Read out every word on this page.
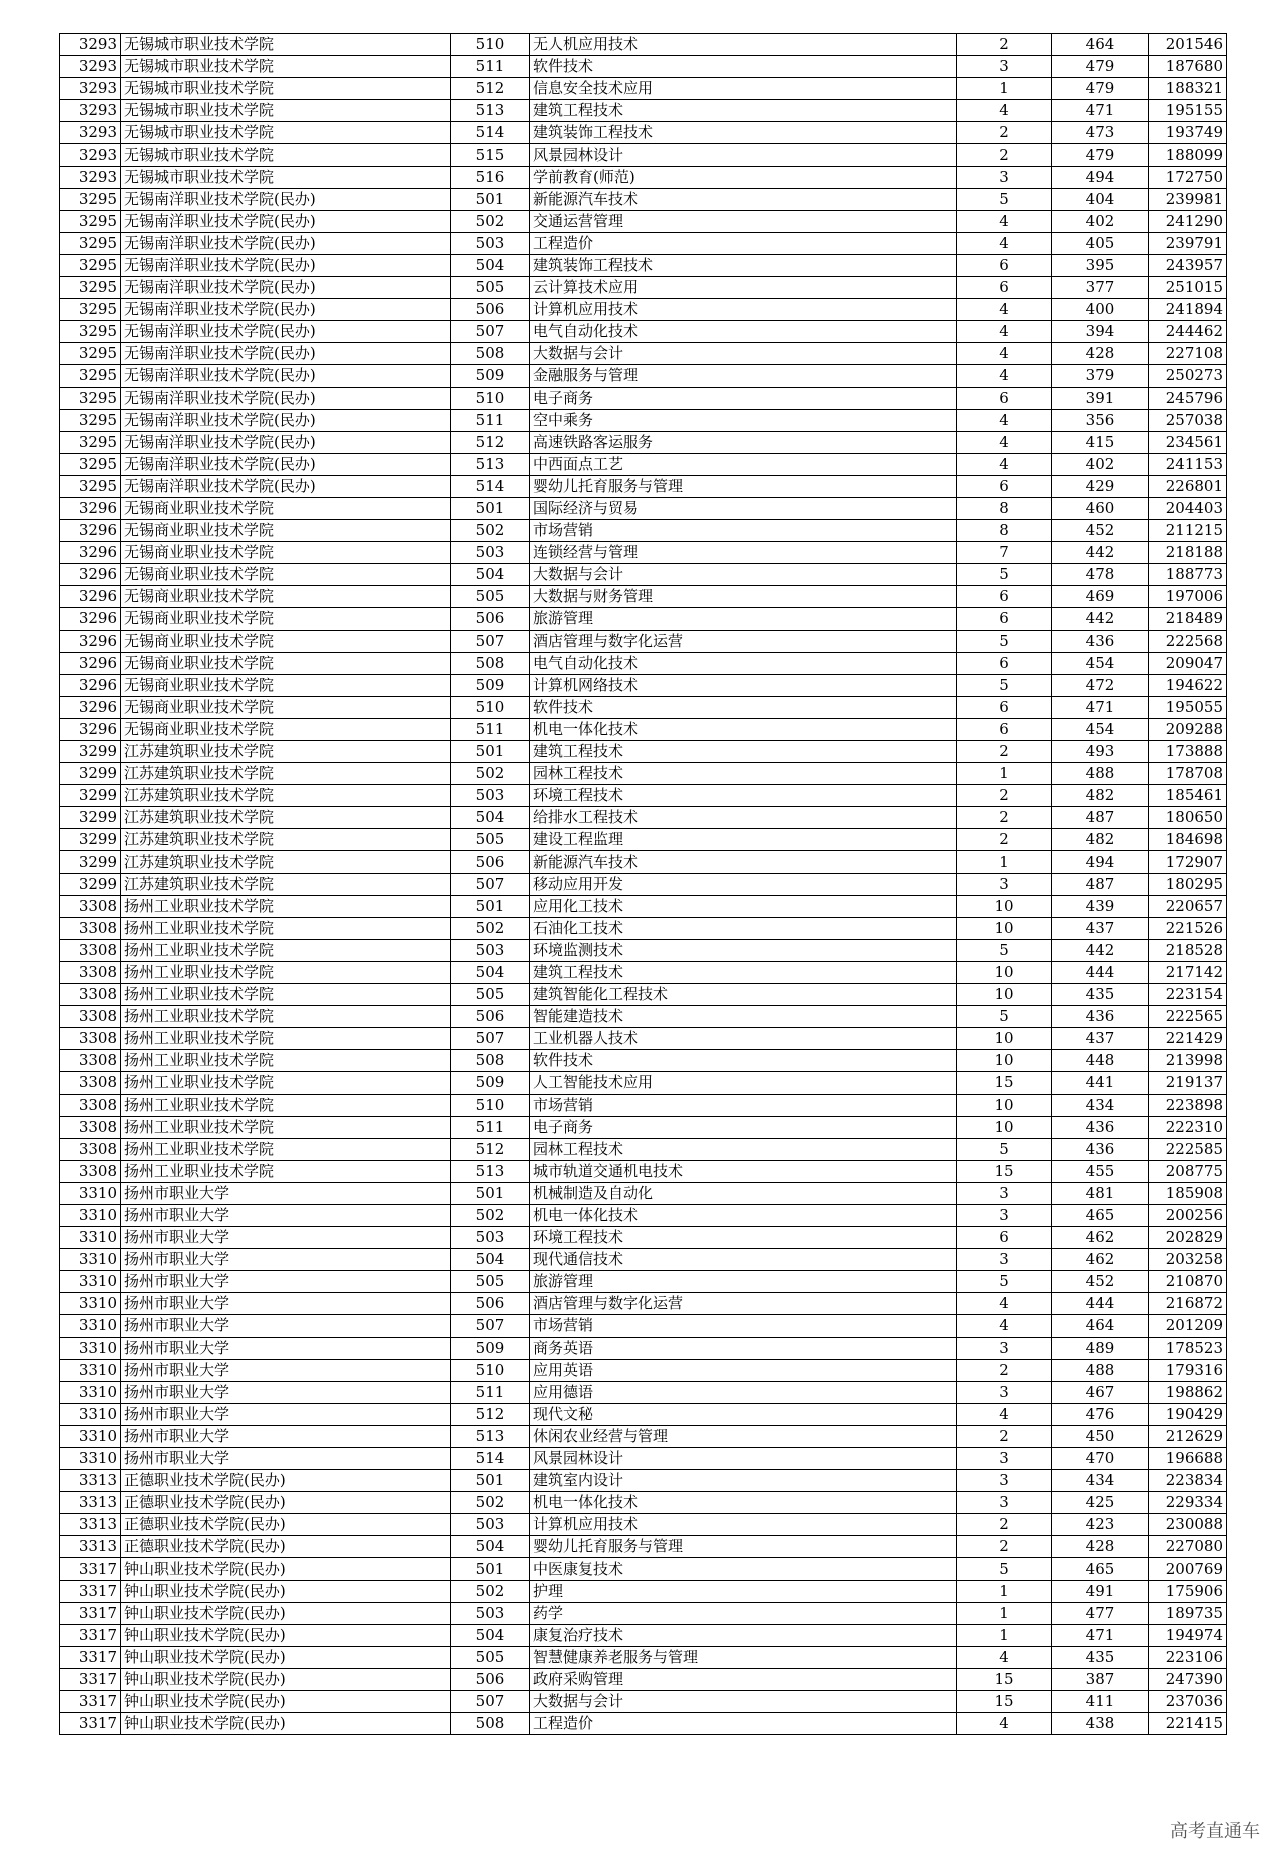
3293	无锡城市职业技术学院	510	无人机应用技术	2	464	201546
3293	无锡城市职业技术学院	511	软件技术	3	479	187680
3293	无锡城市职业技术学院	512	信息安全技术应用	1	479	188321
3293	无锡城市职业技术学院	513	建筑工程技术	4	471	195155
3293	无锡城市职业技术学院	514	建筑装饰工程技术	2	473	193749
3293	无锡城市职业技术学院	515	风景园林设计	2	479	188099
3293	无锡城市职业技术学院	516	学前教育(师范)	3	494	172750
3295	无锡南洋职业技术学院(民办)	501	新能源汽车技术	5	404	239981
3295	无锡南洋职业技术学院(民办)	502	交通运营管理	4	402	241290
3295	无锡南洋职业技术学院(民办)	503	工程造价	4	405	239791
3295	无锡南洋职业技术学院(民办)	504	建筑装饰工程技术	6	395	243957
3295	无锡南洋职业技术学院(民办)	505	云计算技术应用	6	377	251015
3295	无锡南洋职业技术学院(民办)	506	计算机应用技术	4	400	241894
3295	无锡南洋职业技术学院(民办)	507	电气自动化技术	4	394	244462
3295	无锡南洋职业技术学院(民办)	508	大数据与会计	4	428	227108
3295	无锡南洋职业技术学院(民办)	509	金融服务与管理	4	379	250273
3295	无锡南洋职业技术学院(民办)	510	电子商务	6	391	245796
3295	无锡南洋职业技术学院(民办)	511	空中乘务	4	356	257038
3295	无锡南洋职业技术学院(民办)	512	高速铁路客运服务	4	415	234561
3295	无锡南洋职业技术学院(民办)	513	中西面点工艺	4	402	241153
3295	无锡南洋职业技术学院(民办)	514	婴幼儿托育服务与管理	6	429	226801
3296	无锡商业职业技术学院	501	国际经济与贸易	8	460	204403
3296	无锡商业职业技术学院	502	市场营销	8	452	211215
3296	无锡商业职业技术学院	503	连锁经营与管理	7	442	218188
3296	无锡商业职业技术学院	504	大数据与会计	5	478	188773
3296	无锡商业职业技术学院	505	大数据与财务管理	6	469	197006
3296	无锡商业职业技术学院	506	旅游管理	6	442	218489
3296	无锡商业职业技术学院	507	酒店管理与数字化运营	5	436	222568
3296	无锡商业职业技术学院	508	电气自动化技术	6	454	209047
3296	无锡商业职业技术学院	509	计算机网络技术	5	472	194622
3296	无锡商业职业技术学院	510	软件技术	6	471	195055
3296	无锡商业职业技术学院	511	机电一体化技术	6	454	209288
3299	江苏建筑职业技术学院	501	建筑工程技术	2	493	173888
3299	江苏建筑职业技术学院	502	园林工程技术	1	488	178708
3299	江苏建筑职业技术学院	503	环境工程技术	2	482	185461
3299	江苏建筑职业技术学院	504	给排水工程技术	2	487	180650
3299	江苏建筑职业技术学院	505	建设工程监理	2	482	184698
3299	江苏建筑职业技术学院	506	新能源汽车技术	1	494	172907
3299	江苏建筑职业技术学院	507	移动应用开发	3	487	180295
3308	扬州工业职业技术学院	501	应用化工技术	10	439	220657
3308	扬州工业职业技术学院	502	石油化工技术	10	437	221526
3308	扬州工业职业技术学院	503	环境监测技术	5	442	218528
3308	扬州工业职业技术学院	504	建筑工程技术	10	444	217142
3308	扬州工业职业技术学院	505	建筑智能化工程技术	10	435	223154
3308	扬州工业职业技术学院	506	智能建造技术	5	436	222565
3308	扬州工业职业技术学院	507	工业机器人技术	10	437	221429
3308	扬州工业职业技术学院	508	软件技术	10	448	213998
3308	扬州工业职业技术学院	509	人工智能技术应用	15	441	219137
3308	扬州工业职业技术学院	510	市场营销	10	434	223898
3308	扬州工业职业技术学院	511	电子商务	10	436	222310
3308	扬州工业职业技术学院	512	园林工程技术	5	436	222585
3308	扬州工业职业技术学院	513	城市轨道交通机电技术	15	455	208775
3310	扬州市职业大学	501	机械制造及自动化	3	481	185908
3310	扬州市职业大学	502	机电一体化技术	3	465	200256
3310	扬州市职业大学	503	环境工程技术	6	462	202829
3310	扬州市职业大学	504	现代通信技术	3	462	203258
3310	扬州市职业大学	505	旅游管理	5	452	210870
3310	扬州市职业大学	506	酒店管理与数字化运营	4	444	216872
3310	扬州市职业大学	507	市场营销	4	464	201209
3310	扬州市职业大学	509	商务英语	3	489	178523
3310	扬州市职业大学	510	应用英语	2	488	179316
3310	扬州市职业大学	511	应用德语	3	467	198862
3310	扬州市职业大学	512	现代文秘	4	476	190429
3310	扬州市职业大学	513	休闲农业经营与管理	2	450	212629
3310	扬州市职业大学	514	风景园林设计	3	470	196688
3313	正德职业技术学院(民办)	501	建筑室内设计	3	434	223834
3313	正德职业技术学院(民办)	502	机电一体化技术	3	425	229334
3313	正德职业技术学院(民办)	503	计算机应用技术	2	423	230088
3313	正德职业技术学院(民办)	504	婴幼儿托育服务与管理	2	428	227080
3317	钟山职业技术学院(民办)	501	中医康复技术	5	465	200769
3317	钟山职业技术学院(民办)	502	护理	1	491	175906
3317	钟山职业技术学院(民办)	503	药学	1	477	189735
3317	钟山职业技术学院(民办)	504	康复治疗技术	1	471	194974
3317	钟山职业技术学院(民办)	505	智慧健康养老服务与管理	4	435	223106
3317	钟山职业技术学院(民办)	506	政府采购管理	15	387	247390
3317	钟山职业技术学院(民办)	507	大数据与会计	15	411	237036
3317	钟山职业技术学院(民办)	508	工程造价	4	438	221415
高考直通车
